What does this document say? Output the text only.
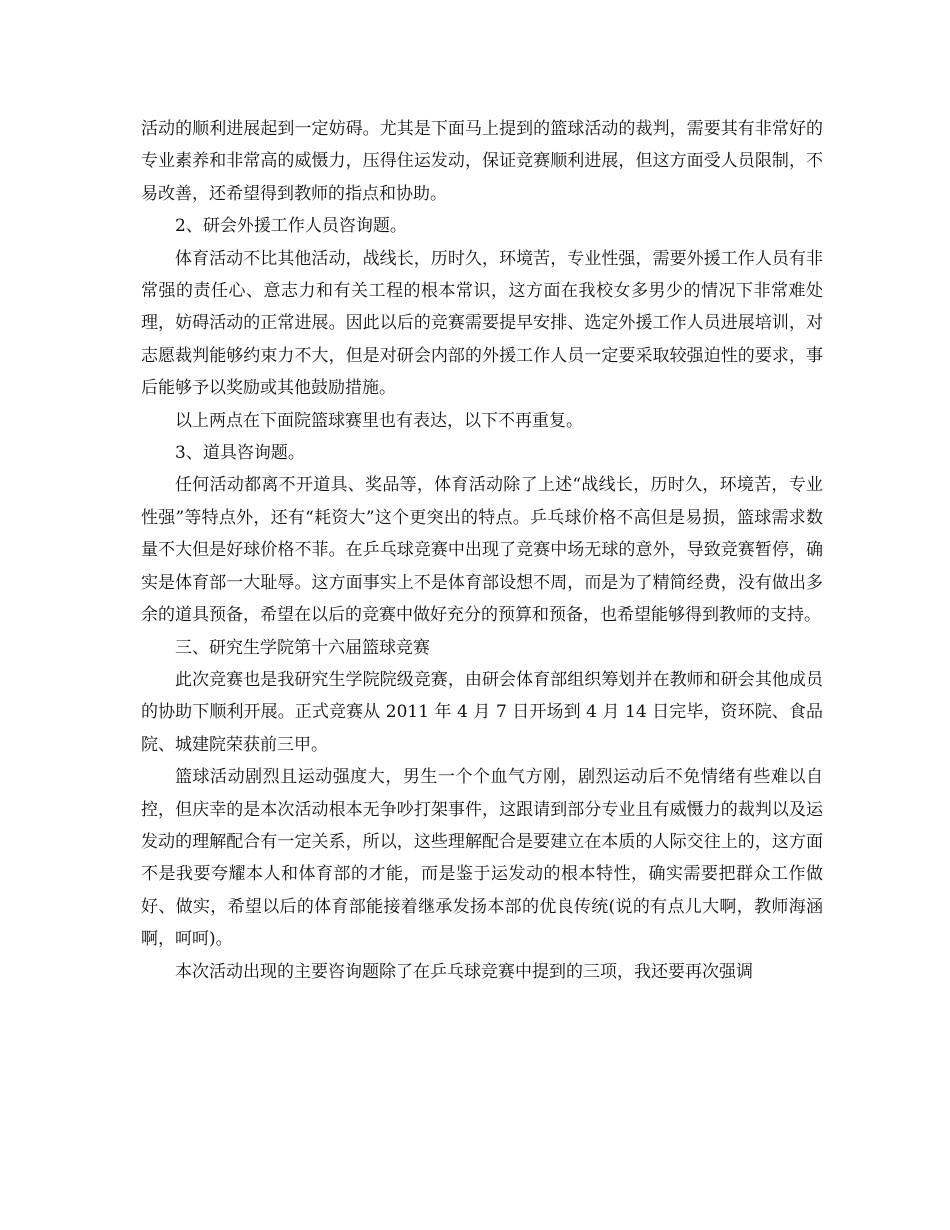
活动的顺利进展起到一定妨碍。尤其是下面马上提到的篮球活动的裁判，需要其有非常好的专业素养和非常高的威慑力，压得住运发动，保证竞赛顺利进展，但这方面受人员限制，不易改善，还希望得到教师的指点和协助。

2、研会外援工作人员咨询题。

体育活动不比其他活动，战线长，历时久，环境苦，专业性强，需要外援工作人员有非常强的责任心、意志力和有关工程的根本常识，这方面在我校女多男少的情况下非常难处理，妨碍活动的正常进展。因此以后的竞赛需要提早安排、选定外援工作人员进展培训，对志愿裁判能够约束力不大，但是对研会内部的外援工作人员一定要采取较强迫性的要求，事后能够予以奖励或其他鼓励措施。

以上两点在下面院篮球赛里也有表达，以下不再重复。

3、道具咨询题。

任何活动都离不开道具、奖品等，体育活动除了上述“战线长，历时久，环境苦，专业性强”等特点外，还有“耗资大”这个更突出的特点。乒乓球价格不高但是易损，篮球需求数量不大但是好球价格不菲。在乒乓球竞赛中出现了竞赛中场无球的意外，导致竞赛暂停，确实是体育部一大耻辱。这方面事实上不是体育部设想不周，而是为了精简经费，没有做出多余的道具预备，希望在以后的竞赛中做好充分的预算和预备，也希望能够得到教师的支持。

三、研究生学院第十六届篮球竞赛

此次竞赛也是我研究生学院院级竞赛，由研会体育部组织筹划并在教师和研会其他成员的协助下顺利开展。正式竞赛从 2011 年 4 月 7 日开场到 4 月 14 日完毕，资环院、食品院、城建院荣获前三甲。

篮球活动剧烈且运动强度大，男生一个个血气方刚，剧烈运动后不免情绪有些难以自控，但庆幸的是本次活动根本无争吵打架事件，这跟请到部分专业且有威慑力的裁判以及运发动的理解配合有一定关系，所以，这些理解配合是要建立在本质的人际交往上的，这方面不是我要夸耀本人和体育部的才能，而是鉴于运发动的根本特性，确实需要把群众工作做好、做实，希望以后的体育部能接着继承发扬本部的优良传统(说的有点儿大啊，教师海涵啊，呵呵)。

本次活动出现的主要咨询题除了在乒乓球竞赛中提到的三项，我还要再次强调
